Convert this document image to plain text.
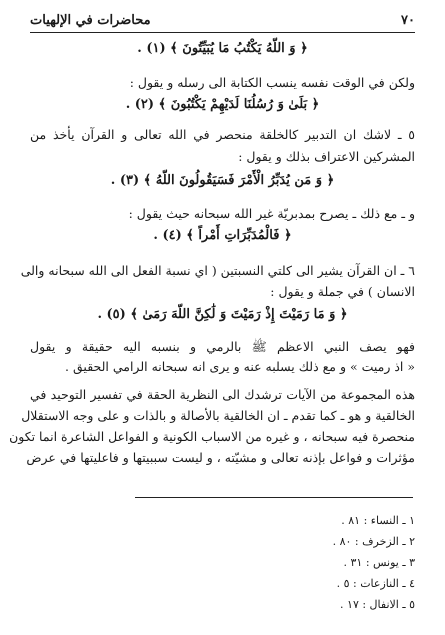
٧٠
محاضرات في الإلهيات
﴿ وَ اللّهُ يَكْتُبُ مَا يُبَيِّتُونَ ﴾ (١) .
ولكن في الوقت نفسه ينسب الكتابة الى رسله و يقول :
﴿ بَلَىٰ وَ رُسُلُنَا لَدَيْهِمْ يَكْتُبُونَ ﴾ (٢) .
٥ ـ لاشك ان التدبير كالخلقة منحصر في الله تعالى و القرآن يأخذ من
المشركين الاعتراف بذلك و يقول :
﴿ وَ مَن يُدَبِّرُ الْأَمْرَ فَسَيَقُولُونَ اللّهُ ﴾ (٣) .
و ـ مع ذلك ـ يصرح بمدبريّة غير الله سبحانه حيث يقول :
﴿ فَالْمُدَبِّرَاتِ أَمْراً ﴾ (٤) .
٦ ـ ان القرآن يشير الى كلتي النسبتين ( اي نسبة الفعل الى الله سبحانه والى
الانسان ) في جملة و يقول :
﴿ وَ مَا رَمَيْتَ إِذْ رَمَيْتَ وَ لَٰكِنَّ اللّهَ رَمَىٰ ﴾ (٥) .
فهو يصف النبي الاعظم ﷺ بالرمي و بنسبه اليه حقيقة و يقول
« اذ رميت » و مع ذلك يسلبه عنه و يرى انه سبحانه الرامي الحقيق .
هذه المجموعة من الآيات ترشدك الى النظرية الحقة في تفسير التوحيد في
الخالقية و هو ـ كما تقدم ـ ان الخالقية بالأصالة و بالذات و على وجه الاستقلال
منحصرة فيه سبحانه ، و غيره من الاسباب الكونية و الفواعل الشاعرة انما تكون
مؤثرات و فواعل بإذنه تعالى و مشيّته ، و ليست سببيتها و فاعليتها في عرض
١ ـ النساء : ٨١ .
٢ ـ الزخرف : ٨٠ .
٣ ـ يونس : ٣١ .
٤ ـ النازعات : ٥ .
٥ ـ الانفال : ١٧ .
